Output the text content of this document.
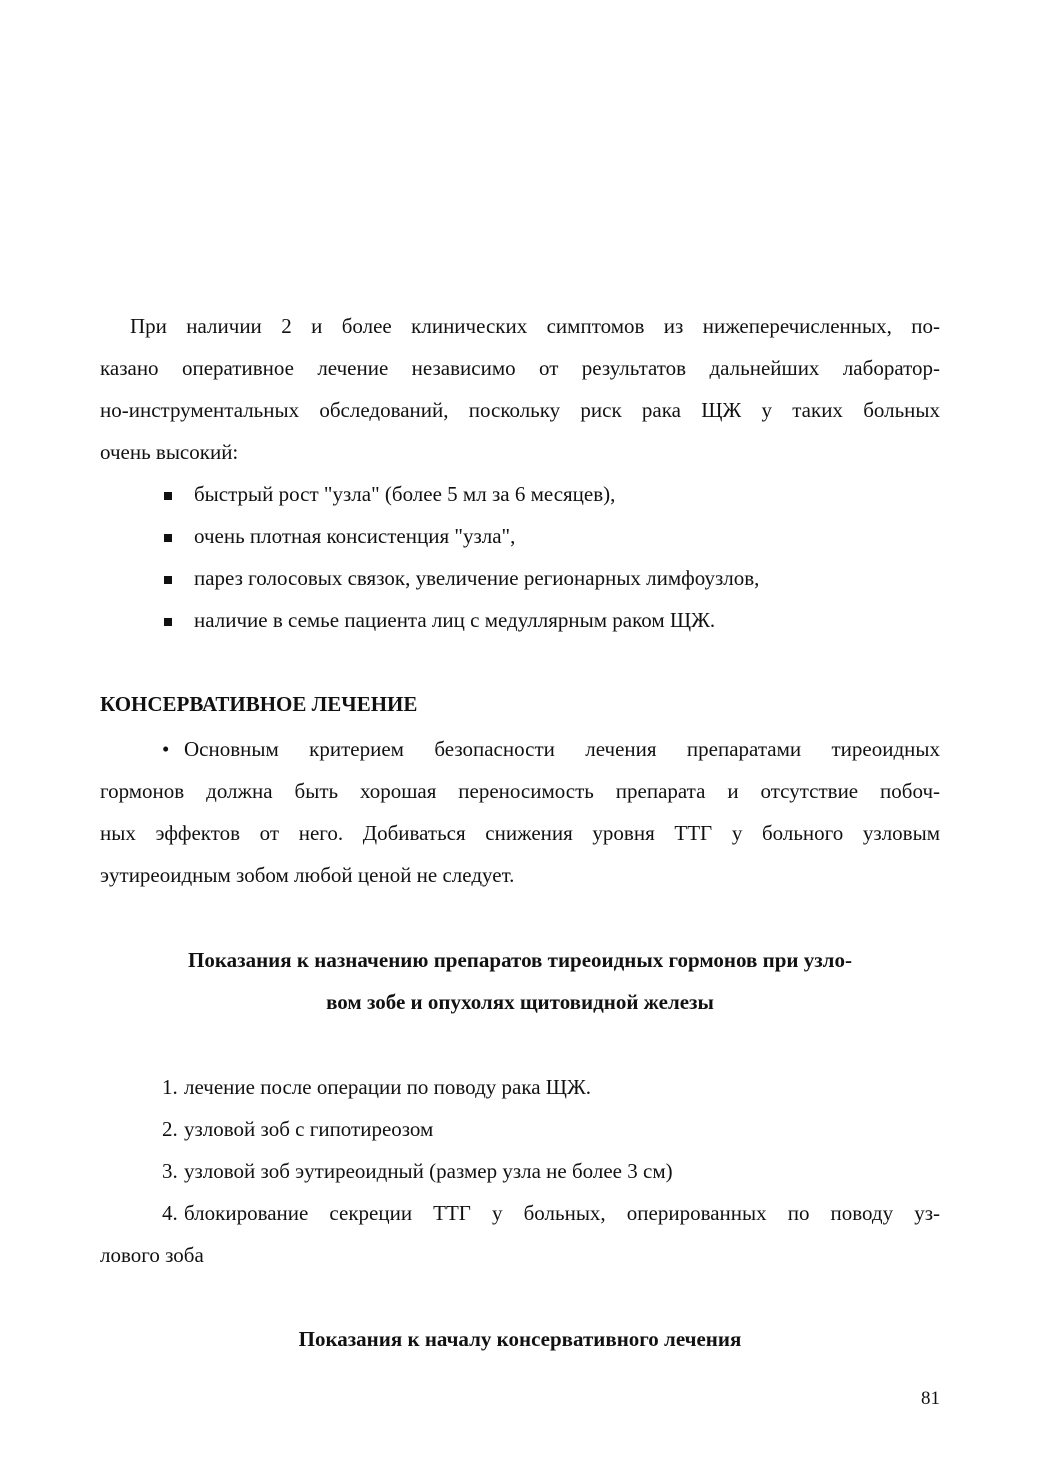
При наличии 2 и более клинических симптомов из нижеперечисленных, по-

казано оперативное лечение независимо от результатов дальнейших лаборатор-

но-инструментальных обследований, поскольку риск рака ЩЖ у таких больных

очень высокий:

быстрый рост "узла" (более 5 мл за 6 месяцев),

очень плотная консистенция "узла",

парез голосовых связок, увеличение регионарных лимфоузлов,

наличие в семье пациента лиц с медуллярным раком ЩЖ.

КОНСЕРВАТИВНОЕ ЛЕЧЕНИЕ
• Основным критерием безопасности лечения препаратами тиреоидных

гормонов должна быть хорошая переносимость препарата и отсутствие побоч-

ных эффектов от него. Добиваться снижения уровня ТТГ у больного узловым

эутиреоидным зобом любой ценой не следует.

Показания к назначению препаратов тиреоидных гормонов при узло-
вом зобе и опухолях щитовидной железы
1. лечение после операции по поводу рака ЩЖ.

2. узловой зоб с гипотиреозом

3. узловой зоб эутиреоидный (размер узла не более 3 см)

4. блокирование секреции ТТГ у больных, оперированных по поводу уз-

лового зоба

Показания к началу консервативного лечения
81
